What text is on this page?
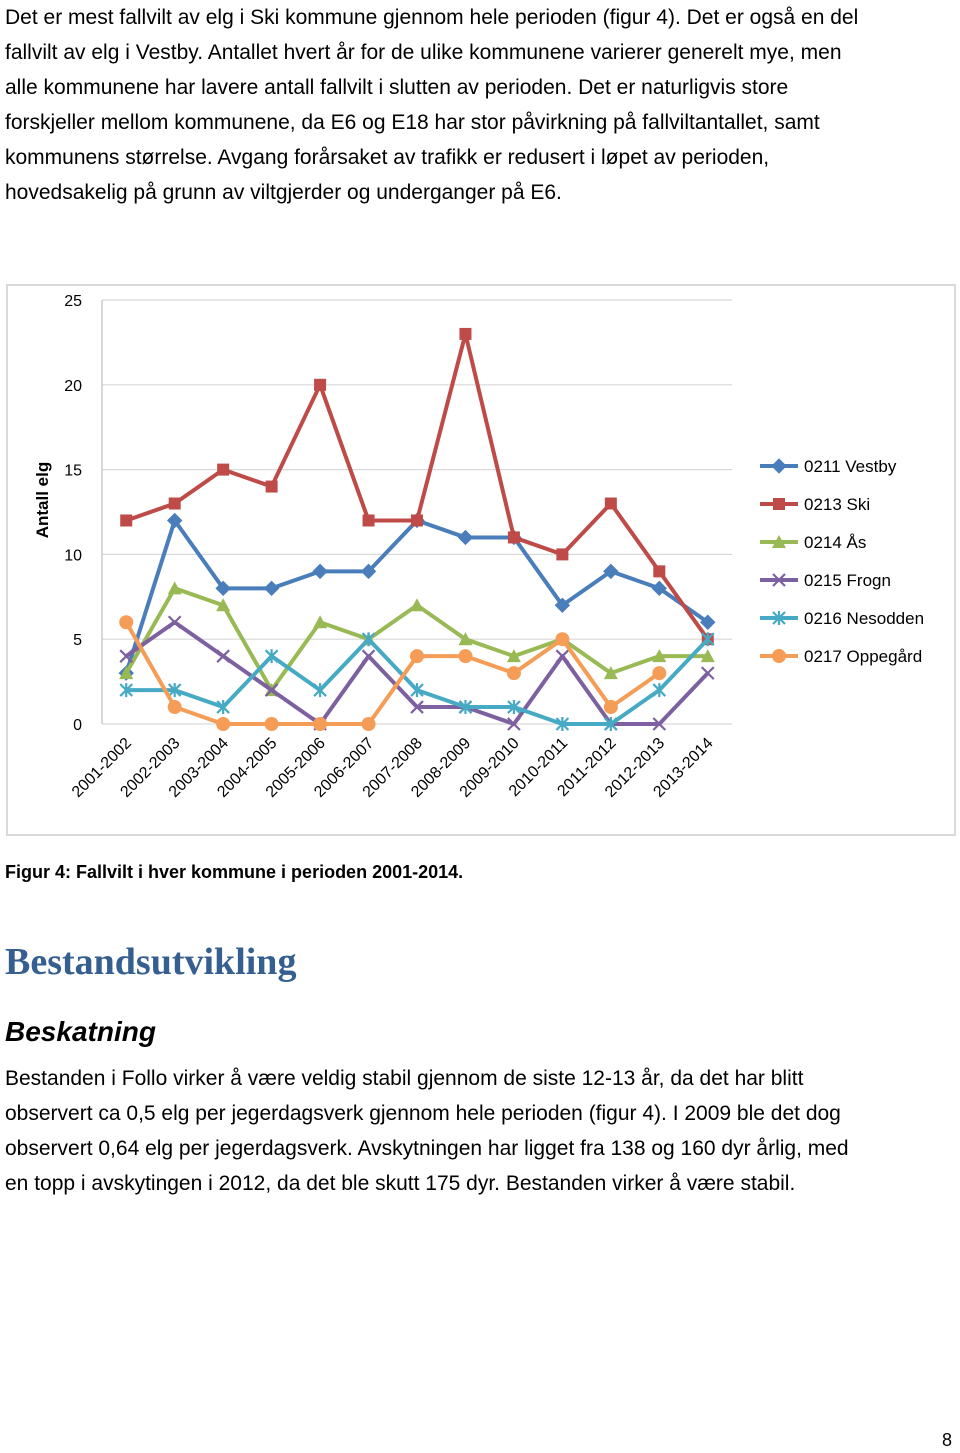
Det er mest fallvilt av elg i Ski kommune gjennom hele perioden (figur 4). Det er også en del
fallvilt av elg i Vestby. Antallet hvert år for de ulike kommunene varierer generelt mye, men
alle kommunene har lavere antall fallvilt i slutten av perioden. Det er naturligvis store
forskjeller mellom kommunene, da E6 og E18 har stor påvirkning på fallviltantallet, samt
kommunens størrelse. Avgang forårsaket av trafikk er redusert i løpet av perioden,
hovedsakelig på grunn av viltgjerder og underganger på E6.
0
5
10
15
20
25
Antall elg
2001-2002
2002-2003
2003-2004
2004-2005
2005-2006
2006-2007
2007-2008
2008-2009
2009-2010
2010-2011
2011-2012
2012-2013
2013-2014
0211 Vestby
0213 Ski
0214 Ås
0215 Frogn
0216 Nesodden
0217 Oppegård

Figur 4: Fallvilt i hver kommune i perioden 2001-2014.

Bestandsutvikling
Beskatning
Bestanden i Follo virker å være veldig stabil gjennom de siste 12-13 år, da det har blitt
observert ca 0,5 elg per jegerdagsverk gjennom hele perioden (figur 4). I 2009 ble det dog
observert 0,64 elg per jegerdagsverk. Avskytningen har ligget fra 138 og 160 dyr årlig, med
en topp i avskytingen i 2012, da det ble skutt 175 dyr. Bestanden virker å være stabil.
8
